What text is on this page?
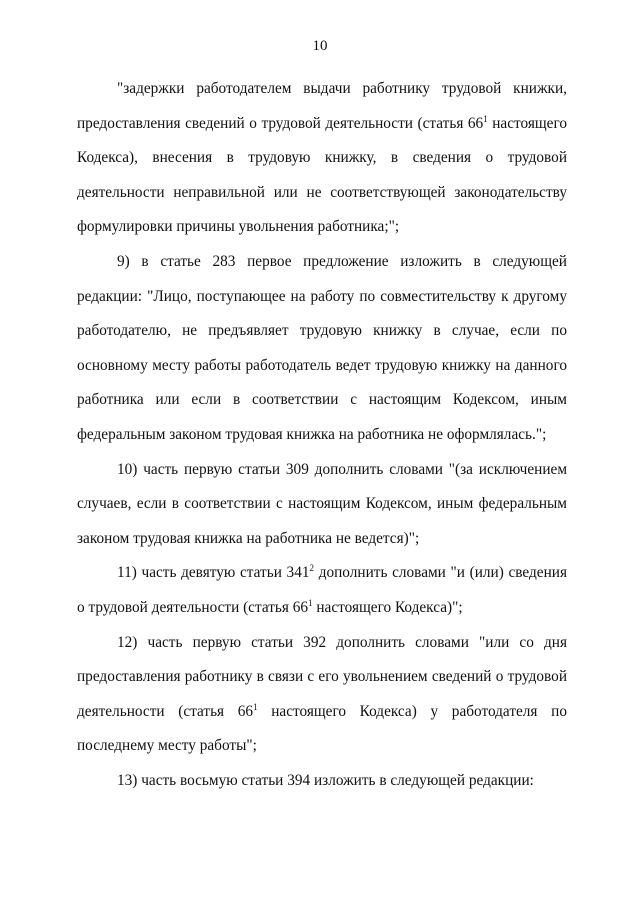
10

"задержки работодателем выдачи работнику трудовой книжки, предоставления сведений о трудовой деятельности (статья $66^1$ настоящего Кодекса), внесения в трудовую книжку, в сведения о трудовой деятельности неправильной или не соответствующей законодательству формулировки причины увольнения работника;";

9) в статье 283 первое предложение изложить в следующей редакции: "Лицо, поступающее на работу по совместительству к другому работодателю, не предъявляет трудовую книжку в случае, если по основному месту работы работодатель ведет трудовую книжку на данного работника или если в соответствии с настоящим Кодексом, иным федеральным законом трудовая книжка на работника не оформлялась.";

10) часть первую статьи 309 дополнить словами "(за исключением случаев, если в соответствии с настоящим Кодексом, иным федеральным законом трудовая книжка на работника не ведется)";

11) часть девятую статьи $341^2$ дополнить словами "и (или) сведения о трудовой деятельности (статья $66^1$ настоящего Кодекса)";

12) часть первую статьи 392 дополнить словами "или со дня предоставления работнику в связи с его увольнением сведений о трудовой деятельности (статья $66^1$ настоящего Кодекса) у работодателя по последнему месту работы";

13) часть восьмую статьи 394 изложить в следующей редакции:
